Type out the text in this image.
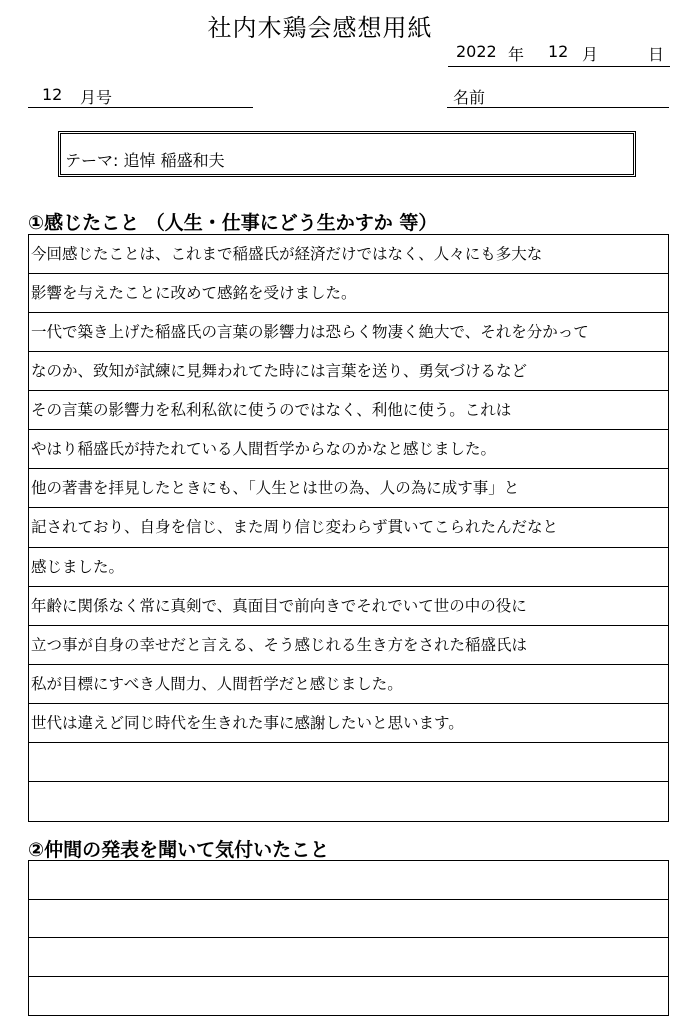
社内木鶏会感想用紙
2022 年 12 月	日
12 月号	名前
テーマ: 追悼 稲盛和夫
①感じたこと （人生・仕事にどう生かすか 等）
今回感じたことは、これまで稲盛氏が経済だけではなく、人々にも多大な
影響を与えたことに改めて感銘を受けました。
一代で築き上げた稲盛氏の言葉の影響力は恐らく物凄く絶大で、それを分かって
なのか、致知が試練に見舞われてた時には言葉を送り、勇気づけるなど
その言葉の影響力を私利私欲に使うのではなく、利他に使う。これは
やはり稲盛氏が持たれている人間哲学からなのかなと感じました。
他の著書を拝見したときにも、「人生とは世の為、人の為に成す事」と
記されており、自身を信じ、また周り信じ変わらず貫いてこられたんだなと
感じました。
年齢に関係なく常に真剣で、真面目で前向きでそれでいて世の中の役に
立つ事が自身の幸せだと言える、そう感じれる生き方をされた稲盛氏は
私が目標にすべき人間力、人間哲学だと感じました。
世代は違えど同じ時代を生きれた事に感謝したいと思います。
②仲間の発表を聞いて気付いたこと
